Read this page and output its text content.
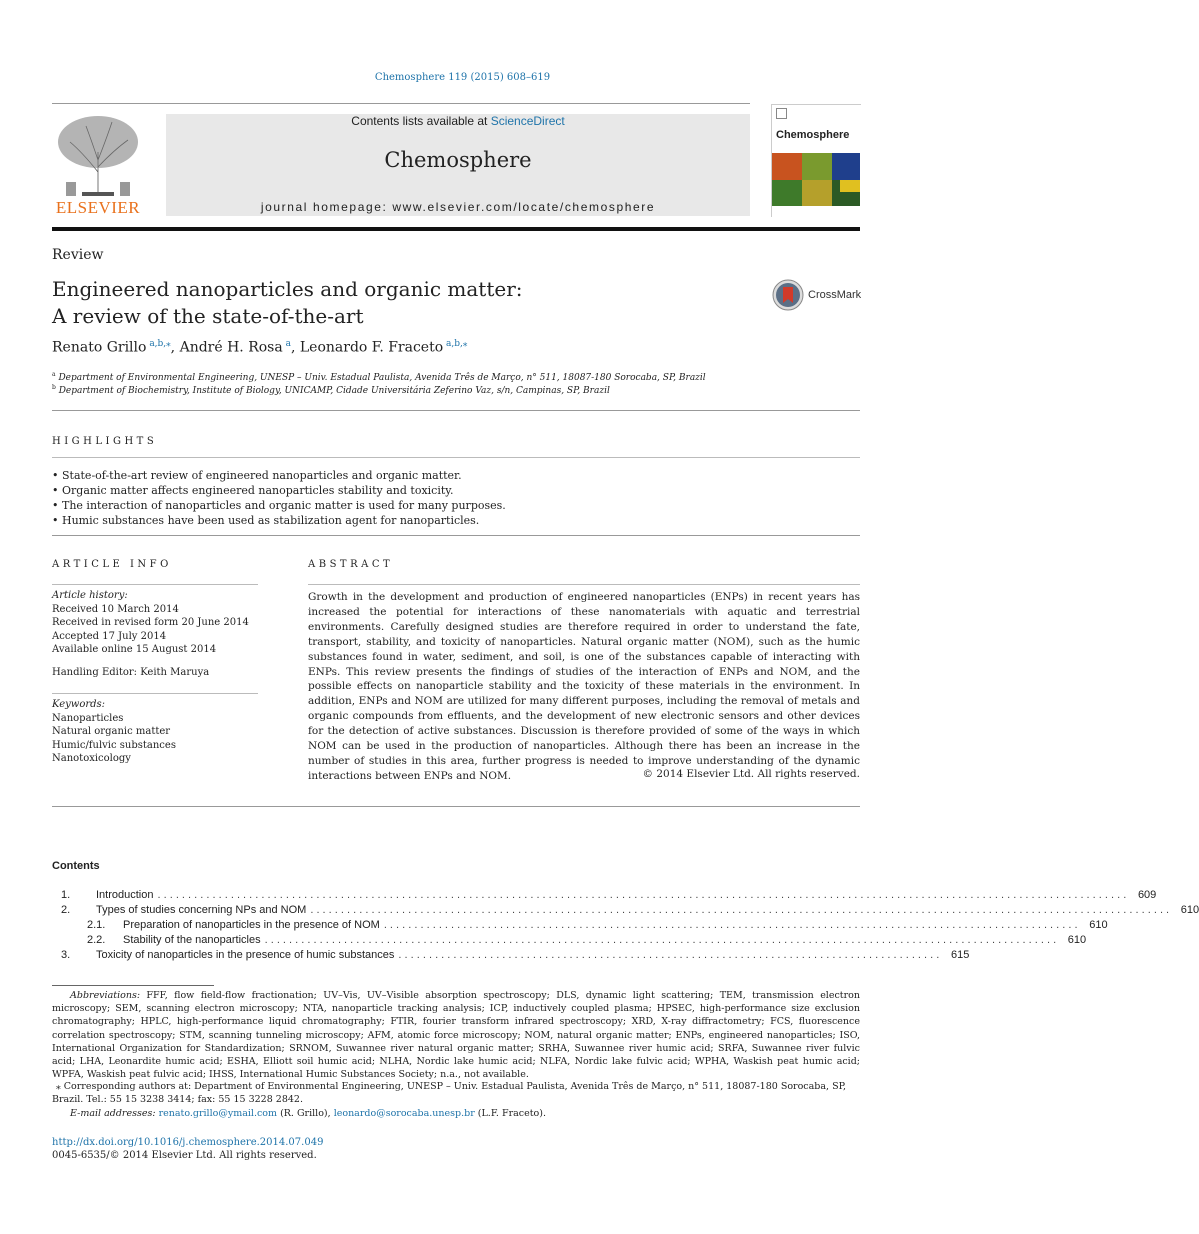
Chemosphere 119 (2015) 608–619
ELSEVIER
Contents lists available at ScienceDirect
Chemosphere
journal homepage: www.elsevier.com/locate/chemosphere
Chemosphere
Review
Engineered nanoparticles and organic matter:
A review of the state-of-the-art
CrossMark
Renato Grillo $^{a,b,⁎}$, André H. Rosa $^a$, Leonardo F. Fraceto $^{a,b,⁎}$
$^a$ Department of Environmental Engineering, UNESP – Univ. Estadual Paulista, Avenida Três de Março, n° 511, 18087-180 Sorocaba, SP, Brazil
$^b$ Department of Biochemistry, Institute of Biology, UNICAMP, Cidade Universitária Zeferino Vaz, s/n, Campinas, SP, Brazil
HIGHLIGHTS
• State-of-the-art review of engineered nanoparticles and organic matter.
• Organic matter affects engineered nanoparticles stability and toxicity.
• The interaction of nanoparticles and organic matter is used for many purposes.
• Humic substances have been used as stabilization agent for nanoparticles.
ARTICLE INFO
Article history:
Received 10 March 2014
Received in revised form 20 June 2014
Accepted 17 July 2014
Available online 15 August 2014
Handling Editor: Keith Maruya
Keywords:
Nanoparticles
Natural organic matter
Humic/fulvic substances
Nanotoxicology
ABSTRACT
Growth in the development and production of engineered nanoparticles (ENPs) in recent years has increased the potential for interactions of these nanomaterials with aquatic and terrestrial environments. Carefully designed studies are therefore required in order to understand the fate, transport, stability, and toxicity of nanoparticles. Natural organic matter (NOM), such as the humic substances found in water, sediment, and soil, is one of the substances capable of interacting with ENPs. This review presents the findings of studies of the interaction of ENPs and NOM, and the possible effects on nanoparticle stability and the toxicity of these materials in the environment. In addition, ENPs and NOM are utilized for many different purposes, including the removal of metals and organic compounds from effluents, and the development of new electronic sensors and other devices for the detection of active substances. Discussion is therefore provided of some of the ways in which NOM can be used in the production of nanoparticles. Although there has been an increase in the number of studies in this area, further progress is needed to improve understanding of the dynamic interactions between ENPs and NOM.	© 2014 Elsevier Ltd. All rights reserved.
Contents
1.	Introduction . . . . . . . . . . . . . . . . . . . . . . . . . . . . . . . . . . . . . . . . . . . . . . . . . . . . . . . . . . . . . . . . . . . . . . . . . . . . . . . . . . . . . . . . . . . . . . . . . . . . . . . . . . . . . . . . . . . . . . . . . . . . . . . . . . . . . . . . . . . . . . . . . . . . . . . . . . . . . . .	609
2.	Types of studies concerning NPs and NOM . . . . . . . . . . . . . . . . . . . . . . . . . . . . . . . . . . . . . . . . . . . . . . . . . . . . . . . . . . . . . . . . . . . . . . . . . . . . . . . . . . . . . . . . . . . . . . . . . . . . . . . . . . . . . . . . . . . . . . . . . . . . . . . . . . . . . . . . . . . . .	610
2.1.	Preparation of nanoparticles in the presence of NOM . . . . . . . . . . . . . . . . . . . . . . . . . . . . . . . . . . . . . . . . . . . . . . . . . . . . . . . . . . . . . . . . . . . . . . . . . . . . . . . . . . . . . . . . . . . . . . . . . . . . . . . . . . . . . . . . . .	610
2.2.	Stability of the nanoparticles . . . . . . . . . . . . . . . . . . . . . . . . . . . . . . . . . . . . . . . . . . . . . . . . . . . . . . . . . . . . . . . . . . . . . . . . . . . . . . . . . . . . . . . . . . . . . . . . . . . . . . . . . . . . . . . . . . . . . . . . . . . . . . . . . .	610
3.	Toxicity of nanoparticles in the presence of humic substances . . . . . . . . . . . . . . . . . . . . . . . . . . . . . . . . . . . . . . . . . . . . . . . . . . . . . . . . . . . . . . . . . . . . . . . . . . . . . . . . . . . . . . . . .	615
Abbreviations: FFF, flow field-flow fractionation; UV–Vis, UV–Visible absorption spectroscopy; DLS, dynamic light scattering; TEM, transmission electron microscopy; SEM, scanning electron microscopy; NTA, nanoparticle tracking analysis; ICP, inductively coupled plasma; HPSEC, high-performance size exclusion chromatography; HPLC, high-performance liquid chromatography; FTIR, fourier transform infrared spectroscopy; XRD, X-ray diffractometry; FCS, fluorescence correlation spectroscopy; STM, scanning tunneling microscopy; AFM, atomic force microscopy; NOM, natural organic matter; ENPs, engineered nanoparticles; ISO, International Organization for Standardization; SRNOM, Suwannee river natural organic matter; SRHA, Suwannee river humic acid; SRFA, Suwannee river fulvic acid; LHA, Leonardite humic acid; ESHA, Elliott soil humic acid; NLHA, Nordic lake humic acid; NLFA, Nordic lake fulvic acid; WPHA, Waskish peat humic acid; WPFA, Waskish peat fulvic acid; IHSS, International Humic Substances Society; n.a., not available.
⁎ Corresponding authors at: Department of Environmental Engineering, UNESP – Univ. Estadual Paulista, Avenida Três de Março, n° 511, 18087-180 Sorocaba, SP, Brazil. Tel.: 55 15 3238 3414; fax: 55 15 3228 2842.
E-mail addresses: renato.grillo@ymail.com (R. Grillo), leonardo@sorocaba.unesp.br (L.F. Fraceto).
http://dx.doi.org/10.1016/j.chemosphere.2014.07.049
0045-6535/© 2014 Elsevier Ltd. All rights reserved.
